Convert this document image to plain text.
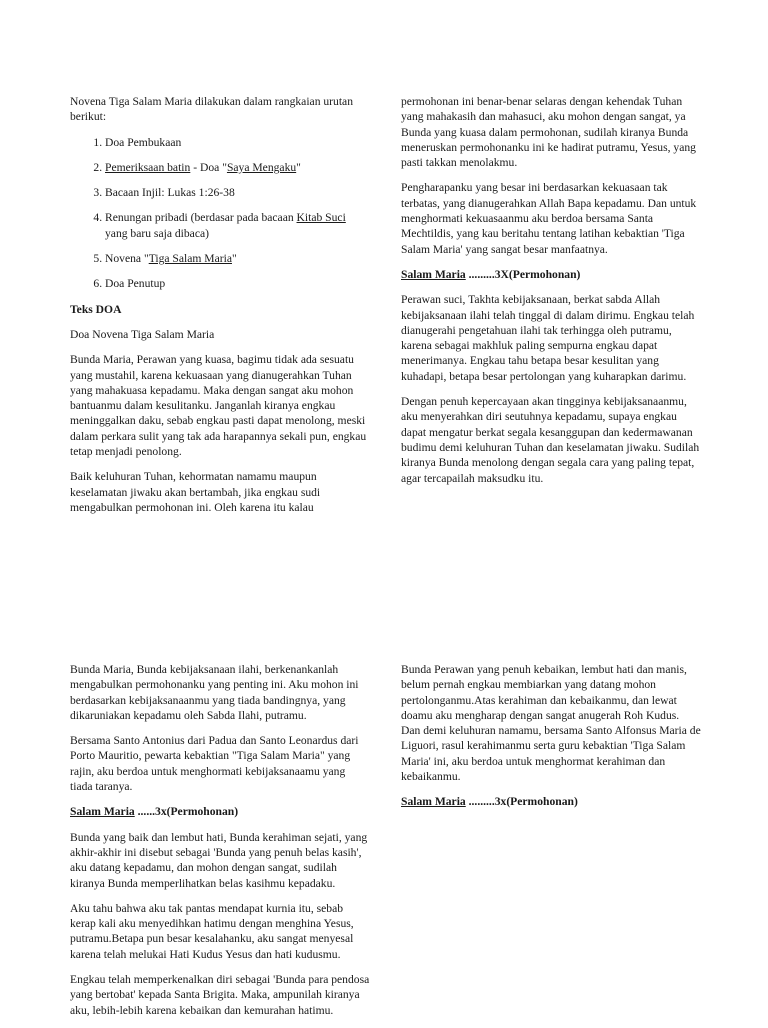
Novena Tiga Salam Maria dilakukan dalam rangkaian urutan berikut:

1. Doa Pembukaan
2. Pemeriksaan batin - Doa "Saya Mengaku"
3. Bacaan Injil: Lukas 1:26-38
4. Renungan pribadi (berdasar pada bacaan Kitab Suci yang baru saja dibaca)
5. Novena "Tiga Salam Maria"
6. Doa Penutup

Teks DOA

Doa Novena Tiga Salam Maria

Bunda Maria, Perawan yang kuasa, bagimu tidak ada sesuatu yang mustahil, karena kekuasaan yang dianugerahkan Tuhan yang mahakuasa kepadamu. Maka dengan sangat aku mohon bantuanmu dalam kesulitanku. Janganlah kiranya engkau meninggalkan daku, sebab engkau pasti dapat menolong, meski dalam perkara sulit yang tak ada harapannya sekali pun, engkau tetap menjadi penolong.

Baik keluhuran Tuhan, kehormatan namamu maupun keselamatan jiwaku akan bertambah, jika engkau sudi mengabulkan permohonan ini. Oleh karena itu kalau

permohonan ini benar-benar selaras dengan kehendak Tuhan yang mahakasih dan mahasuci, aku mohon dengan sangat, ya Bunda yang kuasa dalam permohonan, sudilah kiranya Bunda meneruskan permohonanku ini ke hadirat putramu, Yesus, yang pasti takkan menolakmu.

Pengharapanku yang besar ini berdasarkan kekuasaan tak terbatas, yang dianugerahkan Allah Bapa kepadamu. Dan untuk menghormati kekuasaanmu aku berdoa bersama Santa Mechtildis, yang kau beritahu tentang latihan kebaktian 'Tiga Salam Maria' yang sangat besar manfaatnya.

Salam Maria .........3X(Permohonan)

Perawan suci, Takhta kebijaksanaan, berkat sabda Allah kebijaksanaan ilahi telah tinggal di dalam dirimu. Engkau telah dianugerahi pengetahuan ilahi tak terhingga oleh putramu, karena sebagai makhluk paling sempurna engkau dapat menerimanya. Engkau tahu betapa besar kesulitan yang kuhadapi, betapa besar pertolongan yang kuharapkan darimu.

Dengan penuh kepercayaan akan tingginya kebijaksanaanmu, aku menyerahkan diri seutuhnya kepadamu, supaya engkau dapat mengatur berkat segala kesanggupan dan kedermawanan budimu demi keluhuran Tuhan dan keselamatan jiwaku. Sudilah kiranya Bunda menolong dengan segala cara yang paling tepat, agar tercapailah maksudku itu.

Bunda Maria, Bunda kebijaksanaan ilahi, berkenankanlah mengabulkan permohonanku yang penting ini. Aku mohon ini berdasarkan kebijaksanaanmu yang tiada bandingnya, yang dikaruniakan kepadamu oleh Sabda Ilahi, putramu.

Bersama Santo Antonius dari Padua dan Santo Leonardus dari Porto Mauritio, pewarta kebaktian "Tiga Salam Maria" yang rajin, aku berdoa untuk menghormati kebijaksanaamu yang tiada taranya.

Salam Maria ......3x(Permohonan)

Bunda yang baik dan lembut hati, Bunda kerahiman sejati, yang akhir-akhir ini disebut sebagai 'Bunda yang penuh belas kasih', aku datang kepadamu, dan mohon dengan sangat, sudilah kiranya Bunda memperlihatkan belas kasihmu kepadaku.

Aku tahu bahwa aku tak pantas mendapat kurnia itu, sebab kerap kali aku menyedihkan hatimu dengan menghina Yesus, putramu.Betapa pun besar kesalahanku, aku sangat menyesal karena telah melukai Hati Kudus Yesus dan hati kudusmu.

Engkau telah memperkenalkan diri sebagai 'Bunda para pendosa yang bertobat' kepada Santa Brigita. Maka, ampunilah kiranya aku, lebih-lebih karena kebaikan dan kemurahan hatimu.

Bunda Perawan yang penuh kebaikan, lembut hati dan manis, belum pernah engkau membiarkan yang datang mohon pertolonganmu.Atas kerahiman dan kebaikanmu, dan lewat doamu aku mengharap dengan sangat anugerah Roh Kudus. Dan demi keluhuran namamu, bersama Santo Alfonsus Maria de Liguori, rasul kerahimanmu serta guru kebaktian 'Tiga Salam Maria' ini, aku berdoa untuk menghormat kerahiman dan kebaikanmu.

Salam Maria .........3x(Permohonan)
